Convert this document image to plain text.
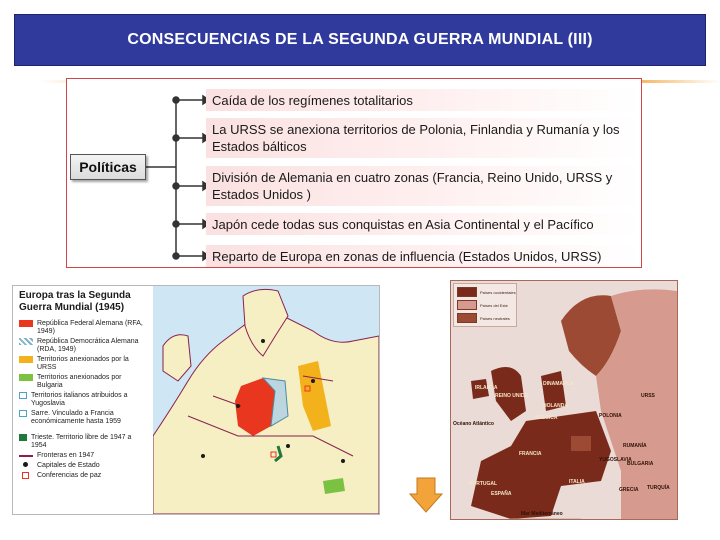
CONSECUENCIAS DE LA SEGUNDA GUERRA MUNDIAL (III)
Políticas
Caída de los regímenes totalitarios
La URSS se anexiona territorios de Polonia, Finlandia y Rumanía y los Estados bálticos
División de Alemania en cuatro zonas (Francia, Reino Unido, URSS y Estados Unidos )
Japón cede todas sus conquistas en Asia Continental y el Pacífico
Reparto de Europa en zonas de influencia (Estados Unidos, URSS)
Europa tras la Segunda Guerra Mundial (1945)
República Federal Alemana (RFA, 1949)
República Democrática Alemana (RDA, 1949)
Territorios anexionados por la URSS
Territorios anexionados por Bulgaria
Territorios italianos atribuidos a Yugoslavia
Sarre. Vinculado a Francia económicamente hasta 1959
Trieste. Territorio libre de 1947 a 1954
Fronteras en 1947
Capitales de Estado
Conferencias de paz
Países occidentales
Países del Este
Países neutrales
IRLANDA
REINO UNIDO
DINAMARCA
HOLANDA
BÉLGICA
FRANCIA
ESPAÑA
PORTUGAL	ITALIA
POLONIA
URSS
RUMANÍA
BULGARIA
GRECIA TURQUÍA
YUGOSLAVIA
Océano Atlántico
Mar Mediterráneo
